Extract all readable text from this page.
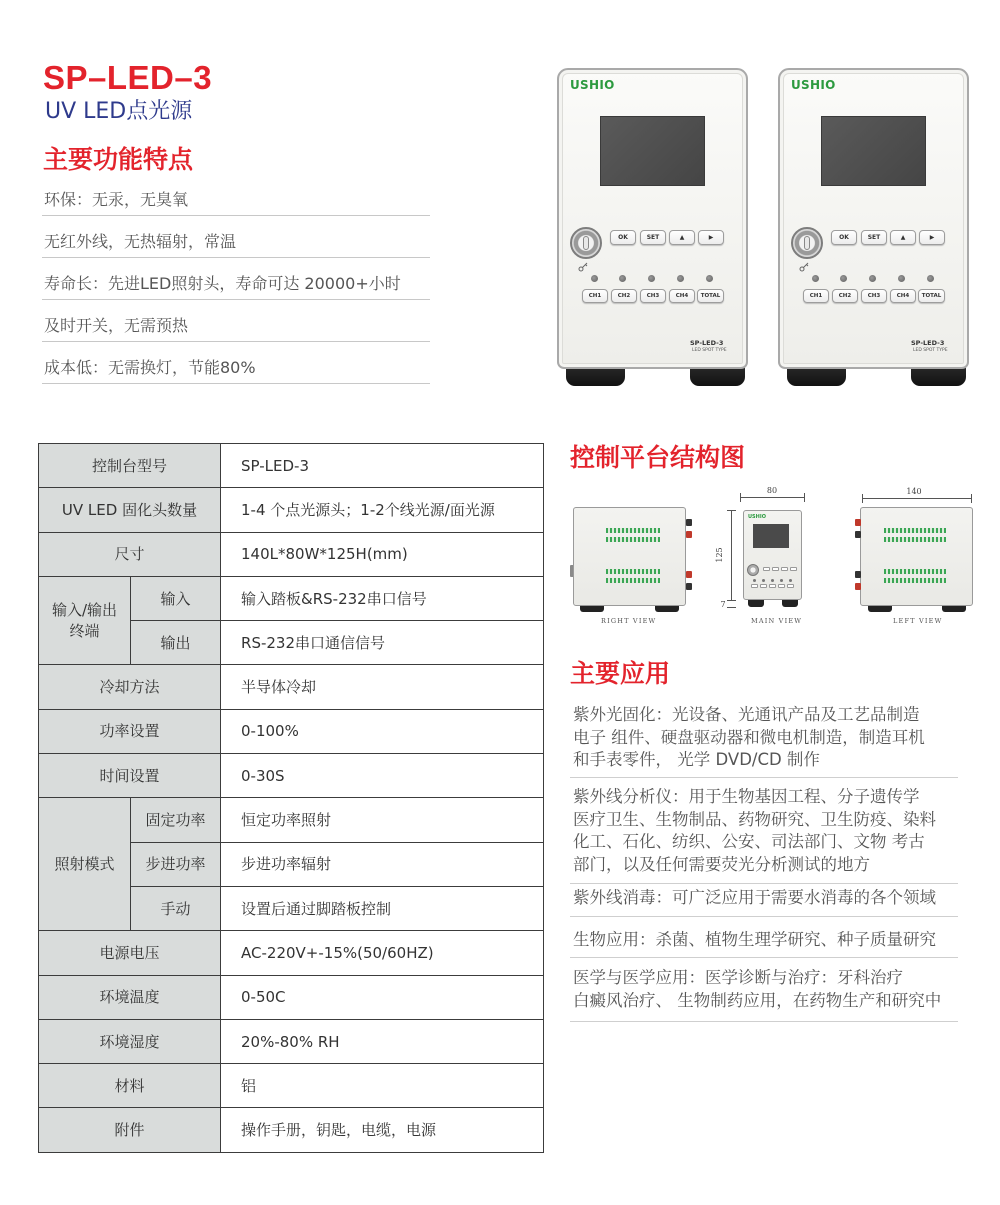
SP–LED–3
UV LED点光源
主要功能特点
环保：无汞，无臭氧
无红外线，无热辐射，常温
寿命长：先进LED照射头，寿命可达 20000+小时
及时开关，无需预热
成本低：无需换灯，节能80%
USHIO
OK	SET	▲	▶
CH1	CH2	CH3	CH4	TOTAL
SP-LED-3
LED SPOT TYPE
USHIO
OK	SET	▲	▶
CH1	CH2	CH3	CH4	TOTAL
SP-LED-3
LED SPOT TYPE
控制台型号		SP-LED-3
UV LED 固化头数量		1-4 个点光源头；1-2个线光源/面光源
尺寸		140L*80W*125H(mm)

输入/输出
终端	输入	输入踏板&RS-232串口信号
	输出	RS-232串口通信信号
冷却方法		半导体冷却
功率设置		0-100%
时间设置		0-30S
照射模式	固定功率	恒定功率照射
	步进功率	步进功率辐射
	手动	设置后通过脚踏板控制
电源电压		AC-220V+-15%(50/60HZ)
环境温度		0-50C
环境湿度		20%-80% RH
材料		铝
附件		操作手册，钥匙，电缆，电源
控制平台结构图
RIGHT VIEW
80
USHIO
125
7
MAIN VIEW
140
LEFT VIEW
主要应用
紫外光固化：光设备、光通讯产品及工艺品制造
电子 组件、硬盘驱动器和微电机制造，制造耳机
和手表零件， 光学 DVD/CD 制作
紫外线分析仪：用于生物基因工程、分子遗传学
医疗卫生、生物制品、药物研究、卫生防疫、染料
化工、石化、纺织、公安、司法部门、文物 考古
部门，以及任何需要荧光分析测试的地方
紫外线消毒：可广泛应用于需要水消毒的各个领域
生物应用：杀菌、植物生理学研究、种子质量研究
医学与医学应用：医学诊断与治疗：牙科治疗
白癜风治疗、 生物制药应用，在药物生产和研究中
